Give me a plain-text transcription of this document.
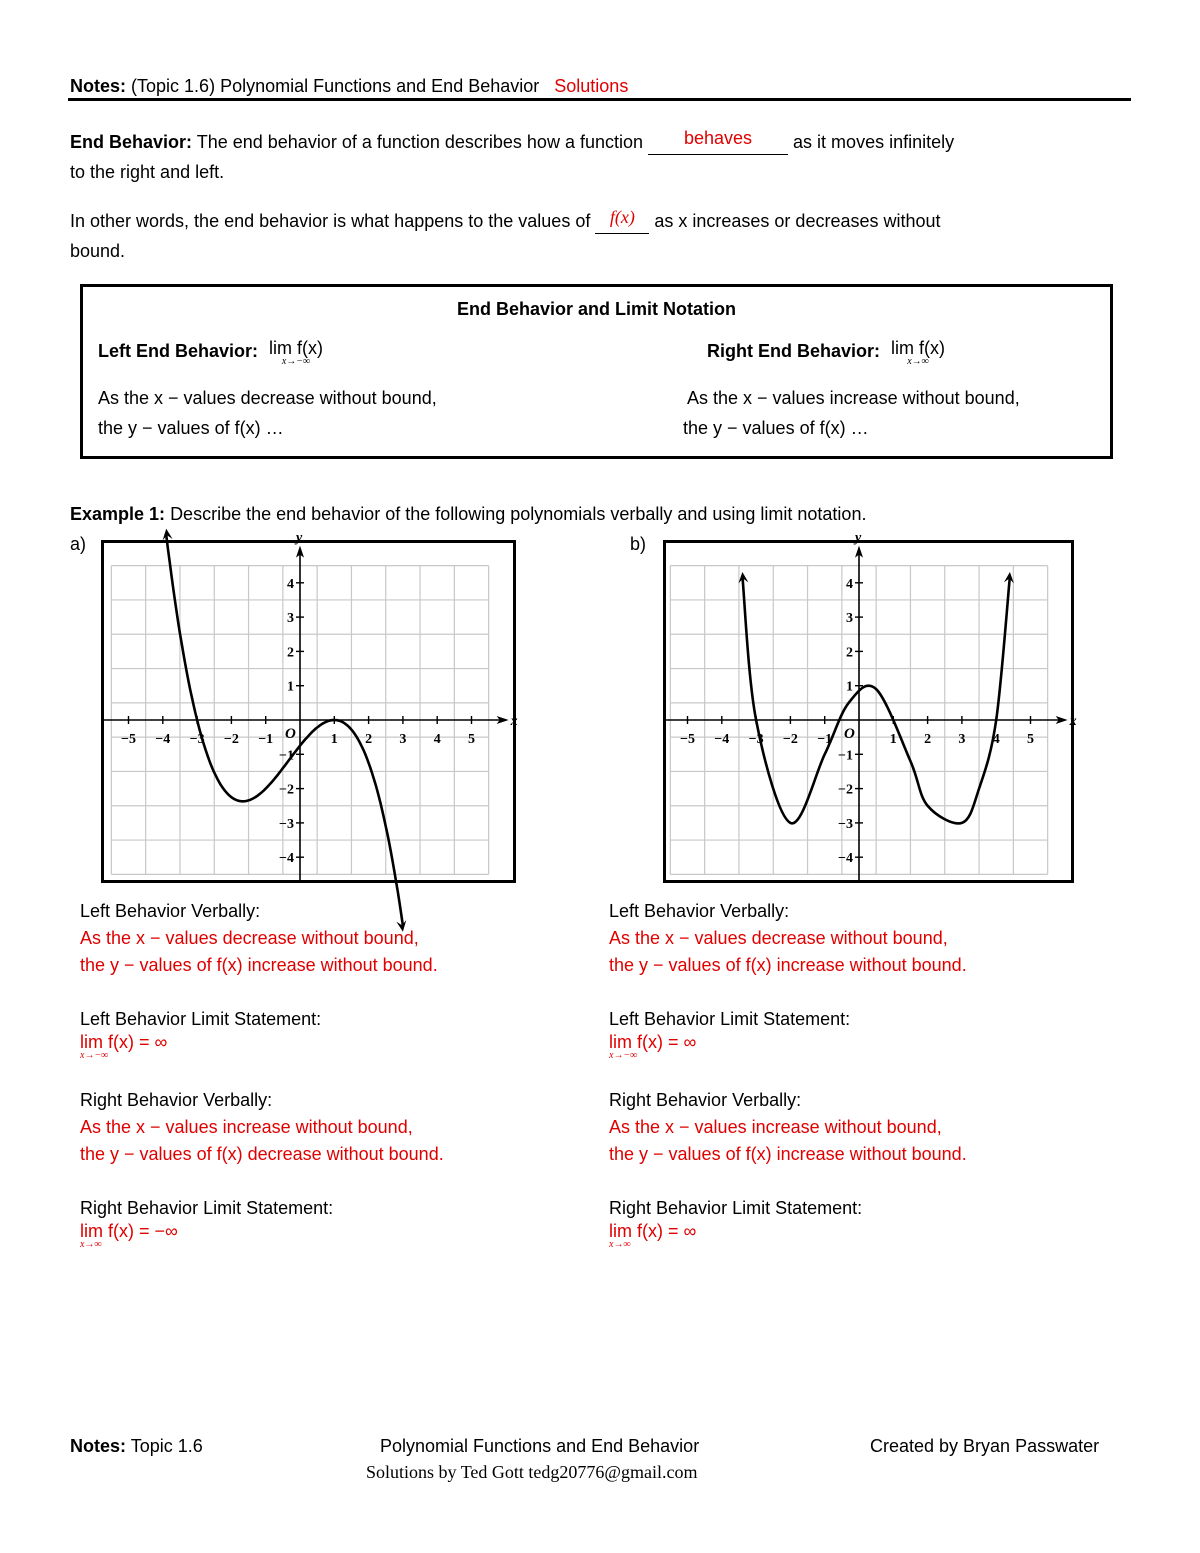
Notes: (Topic 1.6) Polynomial Functions and End Behavior Solutions
End Behavior: The end behavior of a function describes how a function behaves as it moves infinitely
to the right and left.
In other words, the end behavior is what happens to the values of f(x) as x increases or decreases without
bound.
End Behavior and Limit Notation
Left End Behavior: lim f(x)
x→−∞
As the x − values decrease without bound,
the y − values of f(x) …
Right End Behavior: lim f(x)
x→∞
As the x − values increase without bound,
the y − values of f(x) …
Example 1: Describe the end behavior of the following polynomials verbally and using limit notation.
a)	b)
x
y
−5 −4 −3 −2 −1	1 2 3 4 5
4
3
2
1
−1
−2
−3
−4
O
x
y
−5 −4 −3 −2 −1	1 2 3 4 5
4
3
2
1
−1
−2
−3
−4
O
Left Behavior Verbally:
As the x − values decrease without bound,
the y − values of f(x) increase without bound.
Left Behavior Limit Statement:
lim f(x) = ∞
x→−∞
Right Behavior Verbally:
As the x − values increase without bound,
the y − values of f(x) decrease without bound.
Right Behavior Limit Statement:
lim f(x) = −∞
x→∞
Left Behavior Verbally:
As the x − values decrease without bound,
the y − values of f(x) increase without bound.
Left Behavior Limit Statement:
lim f(x) = ∞
x→−∞
Right Behavior Verbally:
As the x − values increase without bound,
the y − values of f(x) increase without bound.
Right Behavior Limit Statement:
lim f(x) = ∞
x→∞
Notes: Topic 1.6	Polynomial Functions and End Behavior	Created by Bryan Passwater
Solutions by Ted Gott tedg20776@gmail.com
